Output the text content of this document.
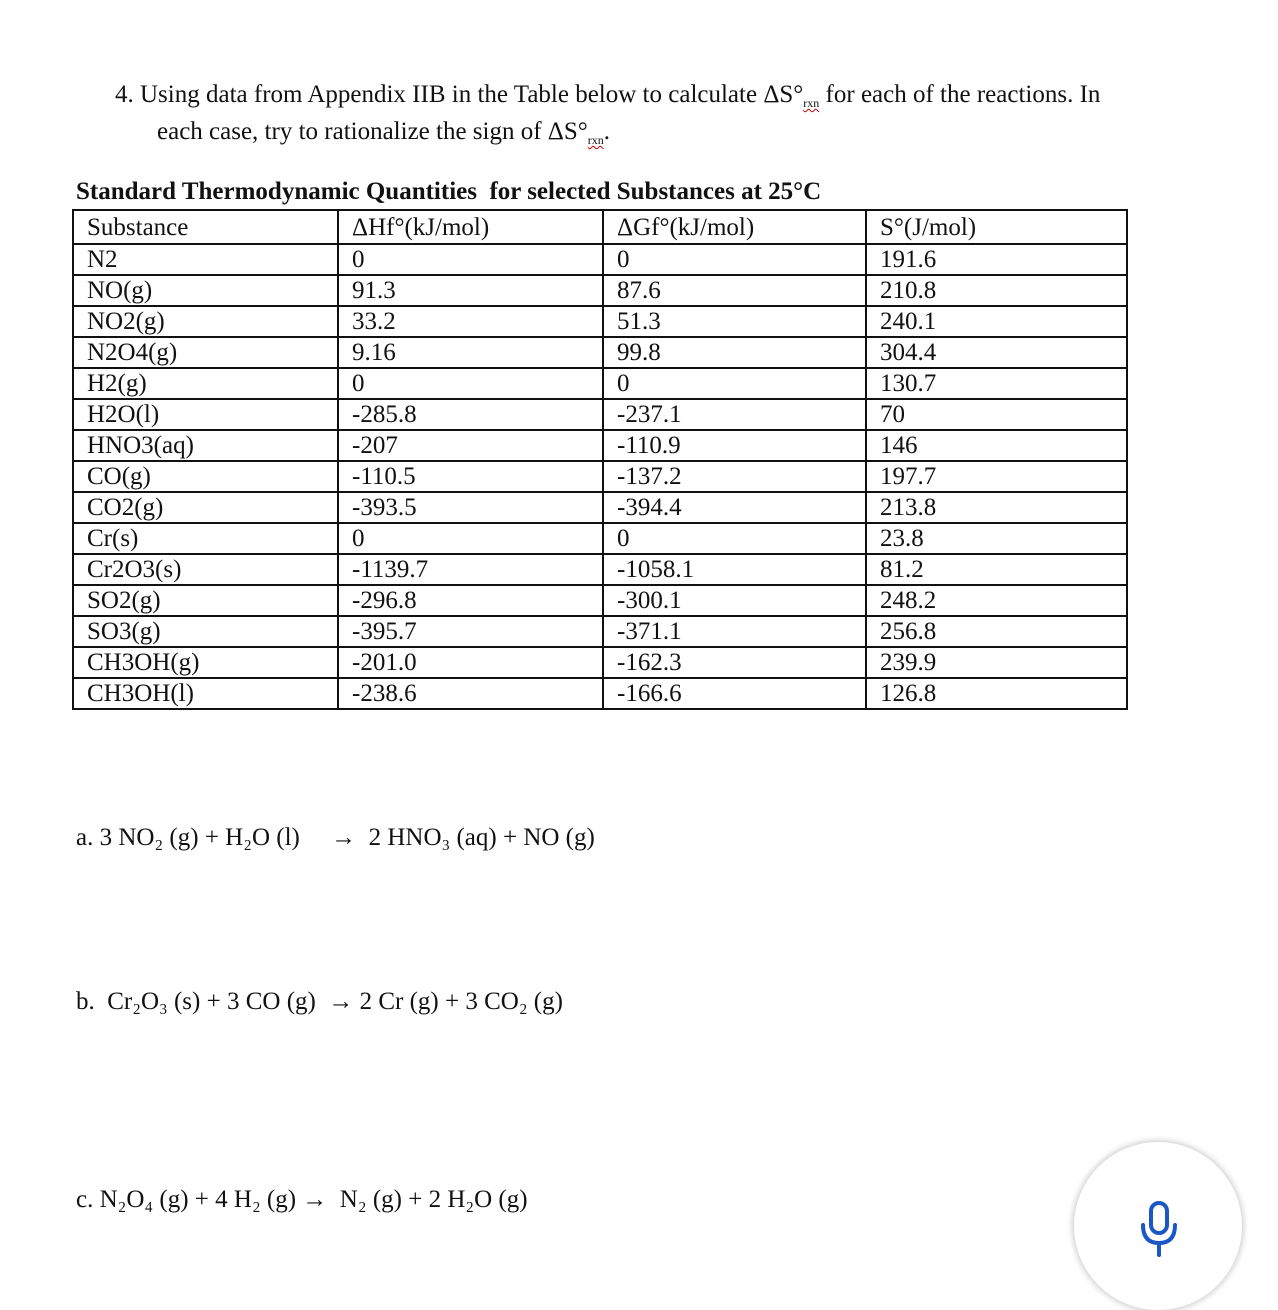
4. Using data from Appendix IIB in the Table below to calculate $\Delta S^\circ_{rxn}$ for each of the reactions. In
each case, try to rationalize the sign of $\Delta S^\circ_{rxn}$.
Standard Thermodynamic Quantities  for selected Substances at 25°C
Substance	ΔHf°(kJ/mol)	ΔGf°(kJ/mol)	S°(J/mol)
N2	0	0	191.6
NO(g)	91.3	87.6	210.8
NO2(g)	33.2	51.3	240.1
N2O4(g)	9.16	99.8	304.4
H2(g)	0	0	130.7
H2O(l)	-285.8	-237.1	70
HNO3(aq)	-207	-110.9	146
CO(g)	-110.5	-137.2	197.7
CO2(g)	-393.5	-394.4	213.8
Cr(s)	0	0	23.8
Cr2O3(s)	-1139.7	-1058.1	81.2
SO2(g)	-296.8	-300.1	248.2
SO3(g)	-395.7	-371.1	256.8
CH3OH(g)	-201.0	-162.3	239.9
CH3OH(l)	-238.6	-166.6	126.8
a. 3 NO₂ (g) + H₂O (l)     →  2 HNO₃ (aq) + NO (g)
b.  Cr₂O₃ (s) + 3 CO (g)  → 2 Cr (g) + 3 CO₂ (g)
c. N₂O₄ (g) + 4 H₂ (g) →  N₂ (g) + 2 H₂O (g)
